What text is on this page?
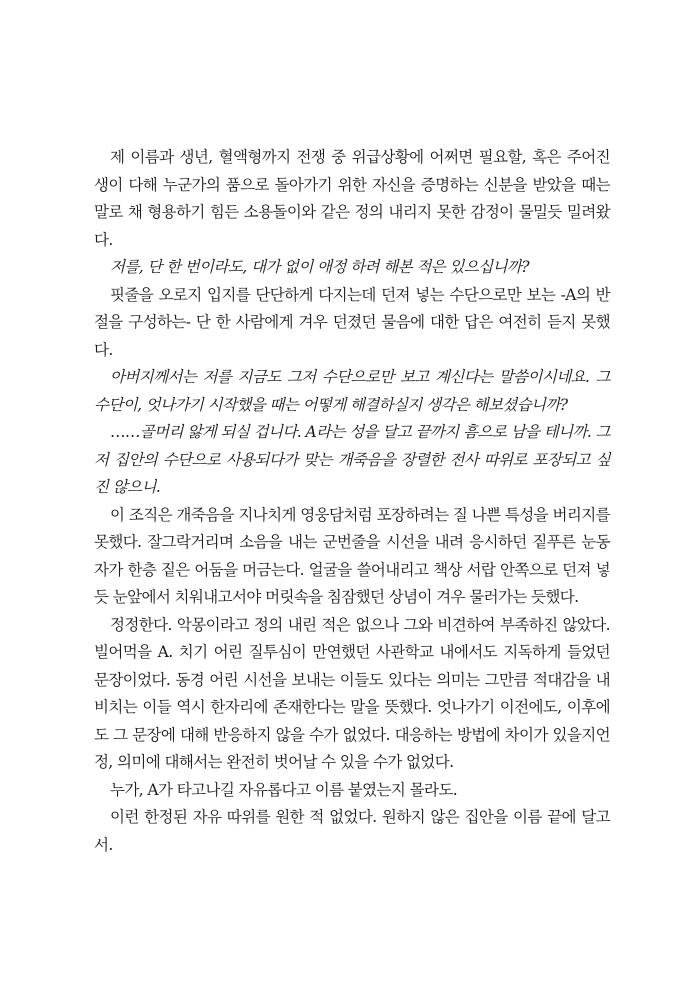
제 이름과 생년, 혈액형까지 전쟁 중 위급상황에 어쩌면 필요할, 혹은 주어진 생이 다해 누군가의 품으로 돌아가기 위한 자신을 증명하는 신분을 받았을 때는 말로 채 형용하기 힘든 소용돌이와 같은 정의 내리지 못한 감정이 물밀듯 밀려왔다.

저를, 단 한 번이라도, 대가 없이 애정 하려 해본 적은 있으십니까?

핏줄을 오로지 입지를 단단하게 다지는데 던져 넣는 수단으로만 보는 -A의 반절을 구성하는- 단 한 사람에게 겨우 던졌던 물음에 대한 답은 여전히 듣지 못했다.

아버지께서는 저를 지금도 그저 수단으로만 보고 계신다는 말씀이시네요. 그 수단이, 엇나가기 시작했을 때는 어떻게 해결하실지 생각은 해보셨습니까?

……골머리 앓게 되실 겁니다. A라는 성을 달고 끝까지 흠으로 남을 테니까. 그저 집안의 수단으로 사용되다가 맞는 개죽음을 장렬한 전사 따위로 포장되고 싶진 않으니.

이 조직은 개죽음을 지나치게 영웅담처럼 포장하려는 질 나쁜 특성을 버리지를 못했다. 잘그락거리며 소음을 내는 군번줄을 시선을 내려 응시하던 짙푸른 눈동자가 한층 짙은 어둠을 머금는다. 얼굴을 쓸어내리고 책상 서랍 안쪽으로 던져 넣듯 눈앞에서 치워내고서야 머릿속을 침잠했던 상념이 겨우 물러가는 듯했다.

정정한다. 악몽이라고 정의 내린 적은 없으나 그와 비견하여 부족하진 않았다. 빌어먹을 A. 치기 어린 질투심이 만연했던 사관학교 내에서도 지독하게 들었던 문장이었다. 동경 어린 시선을 보내는 이들도 있다는 의미는 그만큼 적대감을 내비치는 이들 역시 한자리에 존재한다는 말을 뜻했다. 엇나가기 이전에도, 이후에도 그 문장에 대해 반응하지 않을 수가 없었다. 대응하는 방법에 차이가 있을지언정, 의미에 대해서는 완전히 벗어날 수 있을 수가 없었다.

누가, A가 타고나길 자유롭다고 이름 붙였는지 몰라도.

이런 한정된 자유 따위를 원한 적 없었다. 원하지 않은 집안을 이름 끝에 달고서.
